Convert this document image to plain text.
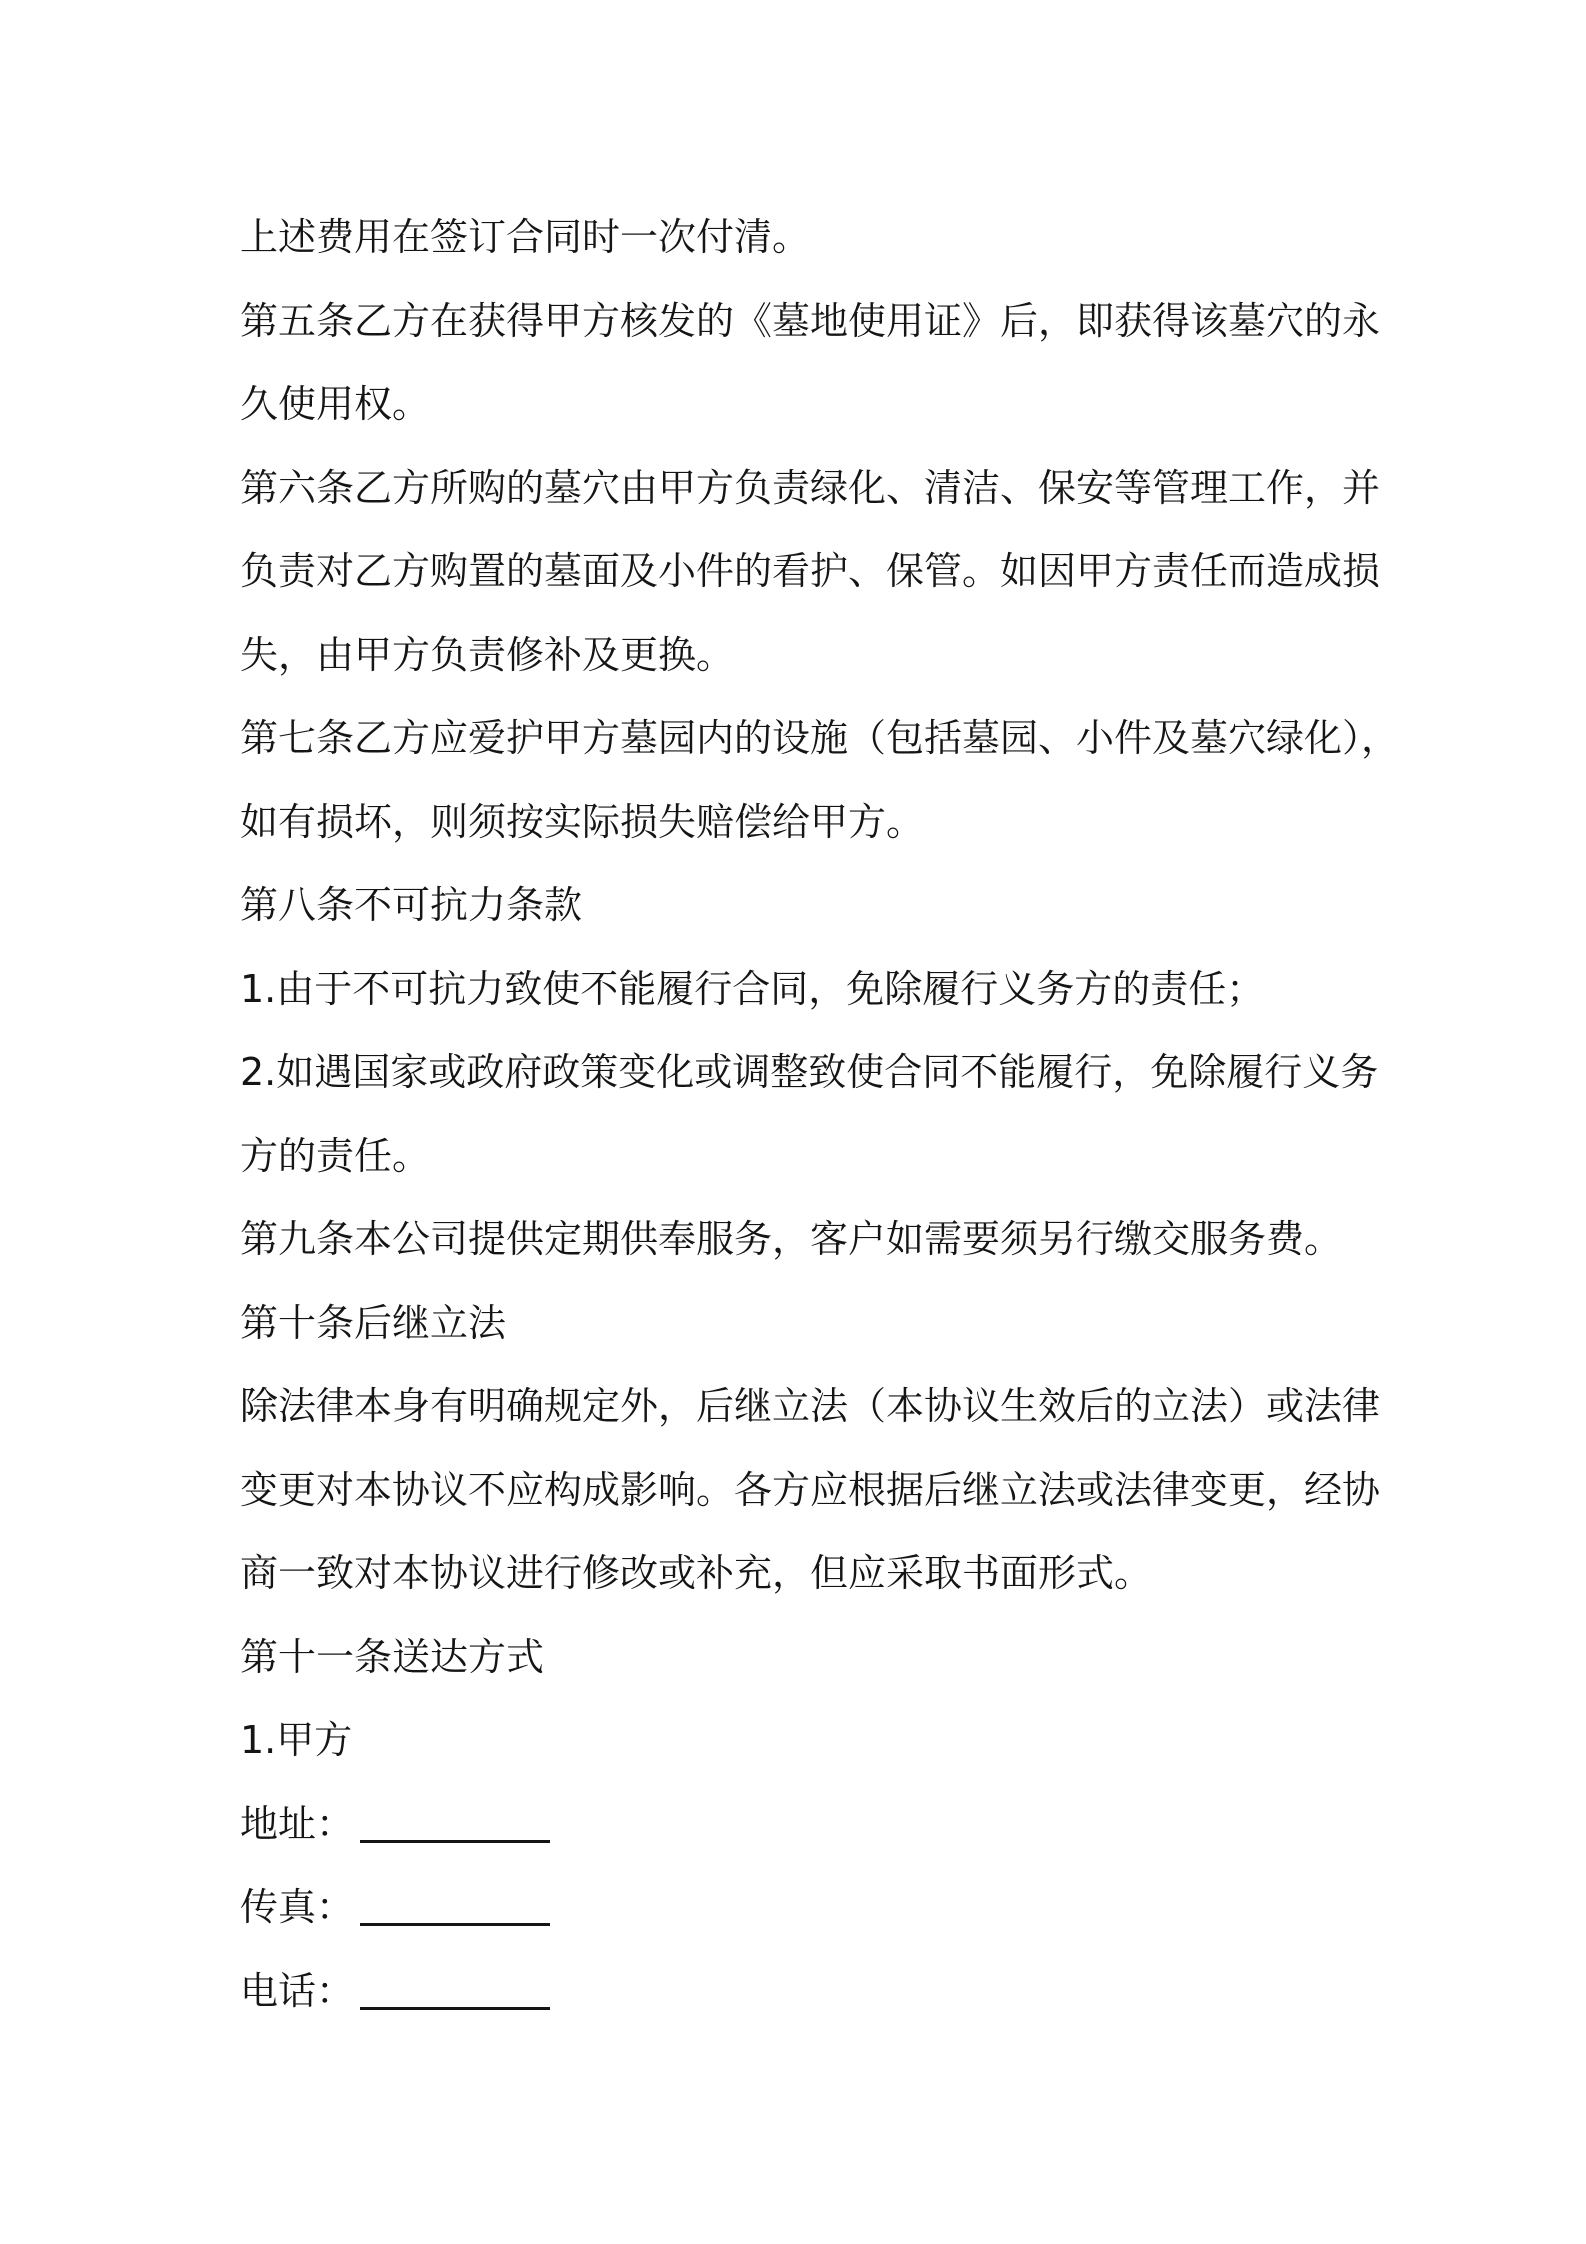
上述费用在签订合同时一次付清。
第五条乙方在获得甲方核发的《墓地使用证》后，即获得该墓穴的永
久使用权。
第六条乙方所购的墓穴由甲方负责绿化、清洁、保安等管理工作，并
负责对乙方购置的墓面及小件的看护、保管。如因甲方责任而造成损
失，由甲方负责修补及更换。
第七条乙方应爱护甲方墓园内的设施（包括墓园、小件及墓穴绿化），
如有损坏，则须按实际损失赔偿给甲方。
第八条不可抗力条款
1.由于不可抗力致使不能履行合同，免除履行义务方的责任；
2.如遇国家或政府政策变化或调整致使合同不能履行，免除履行义务
方的责任。
第九条本公司提供定期供奉服务，客户如需要须另行缴交服务费。
第十条后继立法
除法律本身有明确规定外，后继立法（本协议生效后的立法）或法律
变更对本协议不应构成影响。各方应根据后继立法或法律变更，经协
商一致对本协议进行修改或补充，但应采取书面形式。
第十一条送达方式
1.甲方
地址：
传真：
电话：
